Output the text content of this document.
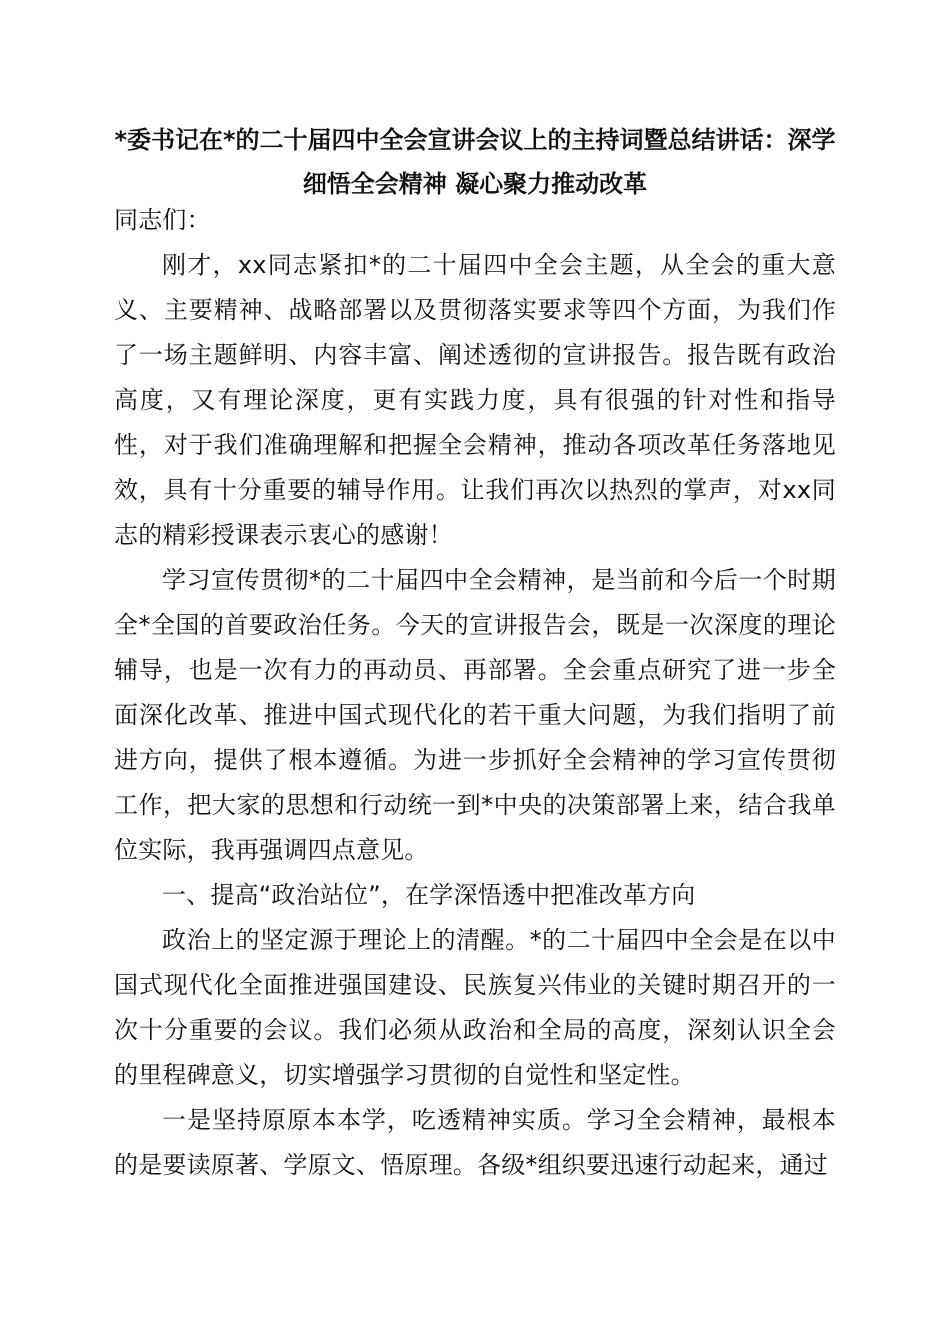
*委书记在*的二十届四中全会宣讲会议上的主持词暨总结讲话：深学细悟全会精神 凝心聚力推动改革

同志们：

刚才，xx同志紧扣*的二十届四中全会主题，从全会的重大意义、主要精神、战略部署以及贯彻落实要求等四个方面，为我们作了一场主题鲜明、内容丰富、阐述透彻的宣讲报告。报告既有政治高度，又有理论深度，更有实践力度，具有很强的针对性和指导性，对于我们准确理解和把握全会精神，推动各项改革任务落地见效，具有十分重要的辅导作用。让我们再次以热烈的掌声，对xx同志的精彩授课表示衷心的感谢！

学习宣传贯彻*的二十届四中全会精神，是当前和今后一个时期全*全国的首要政治任务。今天的宣讲报告会，既是一次深度的理论辅导，也是一次有力的再动员、再部署。全会重点研究了进一步全面深化改革、推进中国式现代化的若干重大问题，为我们指明了前进方向，提供了根本遵循。为进一步抓好全会精神的学习宣传贯彻工作，把大家的思想和行动统一到*中央的决策部署上来，结合我单位实际，我再强调四点意见。

一、提高“政治站位”，在学深悟透中把准改革方向

政治上的坚定源于理论上的清醒。*的二十届四中全会是在以中国式现代化全面推进强国建设、民族复兴伟业的关键时期召开的一次十分重要的会议。我们必须从政治和全局的高度，深刻认识全会的里程碑意义，切实增强学习贯彻的自觉性和坚定性。

一是坚持原原本本学，吃透精神实质。学习全会精神，最根本的是要读原著、学原文、悟原理。各级*组织要迅速行动起来，通过
